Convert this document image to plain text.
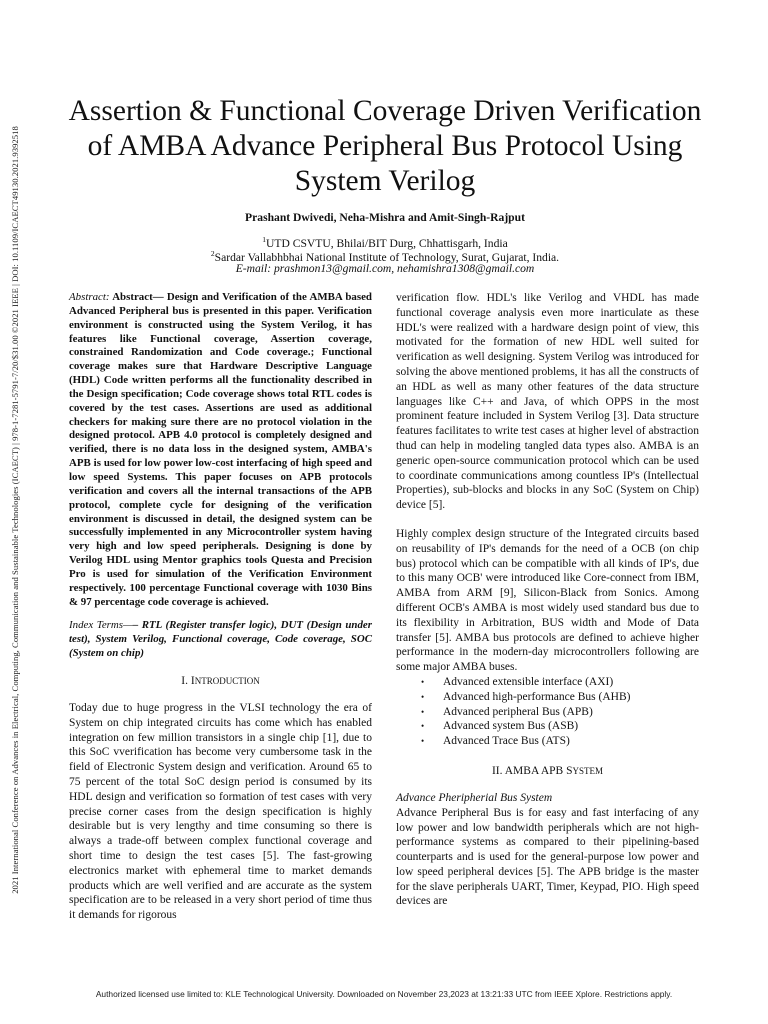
2021 International Conference on Advances in Electrical, Computing, Communication and Sustainable Technologies (ICAECT) | 978-1-7281-5791-7/20/$31.00 ©2021 IEEE | DOI: 10.1109/ICAECT49130.2021.9392518
Assertion & Functional Coverage Driven Verification of AMBA Advance Peripheral Bus Protocol Using System Verilog
Prashant Dwivedi, Neha-Mishra and Amit-Singh-Rajput
$^1$UTD CSVTU, Bhilai/BIT Durg, Chhattisgarh, India
$^2$Sardar Vallabhbhai National Institute of Technology, Surat, Gujarat, India.
E-mail: prashmon13@gmail.com, nehamishra1308@gmail.com

Abstract: Abstract— Design and Verification of the AMBA based Advanced Peripheral bus is presented in this paper. Verification environment is constructed using the System Verilog, it has features like Functional coverage, Assertion coverage, constrained Randomization and Code coverage.; Functional coverage makes sure that Hardware Descriptive Language (HDL) Code written performs all the functionality described in the Design specification; Code coverage shows total RTL codes is covered by the test cases. Assertions are used as additional checkers for making sure there are no protocol violation in the designed protocol. APB 4.0 protocol is completely designed and verified, there is no data loss in the designed system, AMBA's APB is used for low power low-cost interfacing of high speed and low speed Systems. This paper focuses on APB protocols verification and covers all the internal transactions of the APB protocol, complete cycle for designing of the verification environment is discussed in detail, the designed system can be successfully implemented in any Microcontroller system having very high and low speed peripherals. Designing is done by Verilog HDL using Mentor graphics tools Questa and Precision Pro is used for simulation of the Verification Environment respectively. 100 percentage Functional coverage with 1030 Bins & 97 percentage code coverage is achieved.

Index Terms—– RTL (Register transfer logic), DUT (Design under test), System Verilog, Functional coverage, Code coverage, SOC (System on chip)

I. INTRODUCTION

Today due to huge progress in the VLSI technology the era of System on chip integrated circuits has come which has enabled integration on few million transistors in a single chip [1], due to this SoC vverification has become very cumbersome task in the field of Electronic System design and verification. Around 65 to 75 percent of the total SoC design period is consumed by its HDL design and verification so formation of test cases with very precise corner cases from the design specification is highly desirable but is very lengthy and time consuming so there is always a trade-off between complex functional coverage and short time to design the test cases [5]. The fast-growing electronics market with ephemeral time to market demands products which are well verified and are accurate as the system specification are to be released in a very short period of time thus it demands for rigorous

verification flow. HDL's like Verilog and VHDL has made functional coverage analysis even more inarticulate as these HDL's were realized with a hardware design point of view, this motivated for the formation of new HDL well suited for verification as well designing. System Verilog was introduced for solving the above mentioned problems, it has all the constructs of an HDL as well as many other features of the data structure languages like C++ and Java, of which OPPS in the most prominent feature included in System Verilog [3]. Data structure features facilitates to write test cases at higher level of abstraction thud can help in modeling tangled data types also. AMBA is an generic open-source communication protocol which can be used to coordinate communications among countless IP's (Intellectual Properties), sub-blocks and blocks in any SoC (System on Chip) device [5].

Highly complex design structure of the Integrated circuits based on reusability of IP's demands for the need of a OCB (on chip bus) protocol which can be compatible with all kinds of IP's, due to this many OCB' were introduced like Core-connect from IBM, AMBA from ARM [9], Silicon-Black from Sonics. Among different OCB's AMBA is most widely used standard bus due to its flexibility in Arbitration, BUS width and Mode of Data transfer [5]. AMBA bus protocols are defined to achieve higher performance in the modern-day microcontrollers following are some major AMBA buses.

• Advanced extensible interface (AXI)
• Advanced high-performance Bus (AHB)
• Advanced peripheral Bus (APB)
• Advanced system Bus (ASB)
• Advanced Trace Bus (ATS)

II. AMBA APB SYSTEM

Advance Pheripherial Bus System

Advance Peripheral Bus is for easy and fast interfacing of any low power and low bandwidth peripherals which are not high-performance systems as compared to their pipelining-based counterparts and is used for the general-purpose low power and low speed peripheral devices [5]. The APB bridge is the master for the slave peripherals UART, Timer, Keypad, PIO. High speed devices are

Authorized licensed use limited to: KLE Technological University. Downloaded on November 23,2023 at 13:21:33 UTC from IEEE Xplore. Restrictions apply.
